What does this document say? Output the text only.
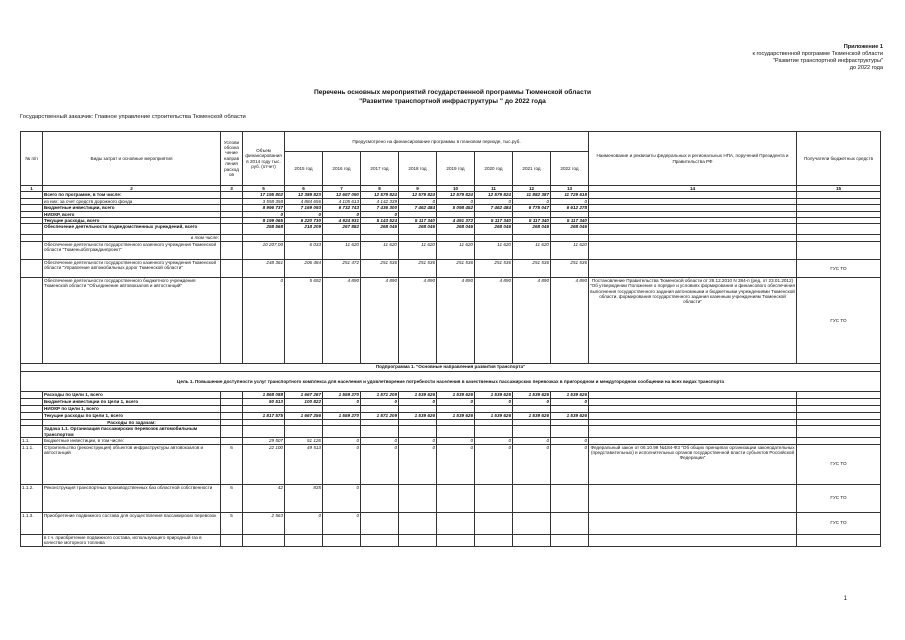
Приложение 1
к государственной программе Тюменской области
"Развитие транспортной инфраструктуры"
до 2022 года
Перечень основных мероприятий государственной программы Тюменской области
"Развитие транспортной инфраструктуры " до 2022 года
Государственный заказчик: Главное управление строительства Тюменской области
№ п/п	Виды затрат и основные мероприятия	Услови обозна чение направ ления расход ов	Объем финансирования в 2014 году тыс. руб. (отчет)	Предусмотрено на финансирование программы в плановом периоде, тыс.руб.								Наименование и реквизиты федеральных и региональных НПА, поручений Президента и Правительства РФ	Получатели бюджетных средств
				2015 год	2016 год	2017 год	2018 год	2019 год	2020 год	2021 год	2022 год		
1	2	3	5	6	7	8	9	10	11	12	13	14	15
	Всего по программе, в том числе:		17 195 802	12 389 823	12 657 090	12 579 824	12 579 824	12 579 824	12 579 824	11 882 387	11 729 618		
	из них: за счет средств дорожного фонда		3 558 358	4 884 656	4 105 613	4 142 339	0	0	0	0	0		
	Бюджетные инвестиции, всего		8 996 737	7 169 093	6 732 743	7 436 300	7 462 484	5 098 452	7 462 484	6 775 047	6 612 278		
	НИОКР, всего		0	0	0	0							
	Текущие расходы, всего		8 199 065	5 220 730	4 924 931	5 143 524	5 117 340	4 491 372	5 117 340	5 117 340	5 117 340		
	Обеспечение деятельности подведомственных учреждений, всего		258 568	218 209	267 882	268 046	268 046	268 046	268 046	268 046	268 046		
	в том числе:												
	Обеспечение деятельности государственного казенного учреждения Тюменской области "Тюменьоблгражданпроект"		10 207,00	6 033	11 620	11 620	11 620	11 620	11 620	11 620	11 620		
	Обеспечение деятельности государственного казенного учреждения Тюменской области "Управление автомобильных дорог Тюменской области"		248 361	206 484	251 472	251 536	251 536	251 536	251 536	251 536	251 536		ГУС ТО
	Обеспечение деятельности государственного бюджетного учреждения Тюменской области "Объединение автовокзалов и автостанций"		0	5 692	4 890	4 890	4 890	4 890	4 890	4 890	4 890	Постановление Правительства Тюменской области от 28.12.2010 N 384-п (ред. от 23.01.2012) "Об утверждении Положения о порядке и условиях формирования и финансового обеспечения выполнения государственного задания автономными и бюджетными учреждениями Тюменской области, формирования государственного задания казенным учреждениям Тюменской области"	ГУС ТО
Подпрограмма 1. "Основные направления развития транспорта"													
Цель 1. Повышение доступности услуг транспортного комплекса для населения и удовлетворение потребности населения в качественных пассажирских перевозках в пригородном и междугородном сообщении на всех видах транспорта													
	Расходы по Цели 1, всего		1 868 088	1 667 267	1 559 270	1 571 209	1 539 626	1 539 626	1 539 626	1 539 626	1 539 626		
	Бюджетные инвестиции по Цели 1, всего		50 513	100 822	0	0	0	0	0	0	0		
	НИОКР по Цели 1, всего												
	Текущие расходы по Цели 1, всего		1 817 575	1 667 256	1 559 270	1 571 209	1 539 626	1 539 626	1 539 626	1 539 626	1 539 626		
	Расходы по задачам:												
	Задача 1.1. Организация пассажирских перевозок автомобильным транспортом												
1.1.	Бюджетные инвестиции, в том числе:		29 507	51 126	0	0	0	0	0	0	0		
1.1.1.	Строительство (реконструкция) объектов инфраструктуры автовокзалов и автостанций	6	22 100	49 513	0	0	0	0	0	0	0	Федеральный закон от 06.10.99 №184-ФЗ "Об общих принципах организации законодательных (представительных) и исполнительных органов государственной власти субъектов Российской Федерации"	ГУС ТО
1.1.2.	Реконструкция транспортных производственных баз областной собственности	6	42	835	0								ГУС ТО
1.1.3.	Приобретение подвижного состава для осуществления пассажирских перевозок	5	2 563	0	0								ГУС ТО
	в т.ч. приобретение подвижного состава, использующего природный газ в качестве моторного топлива												
1
